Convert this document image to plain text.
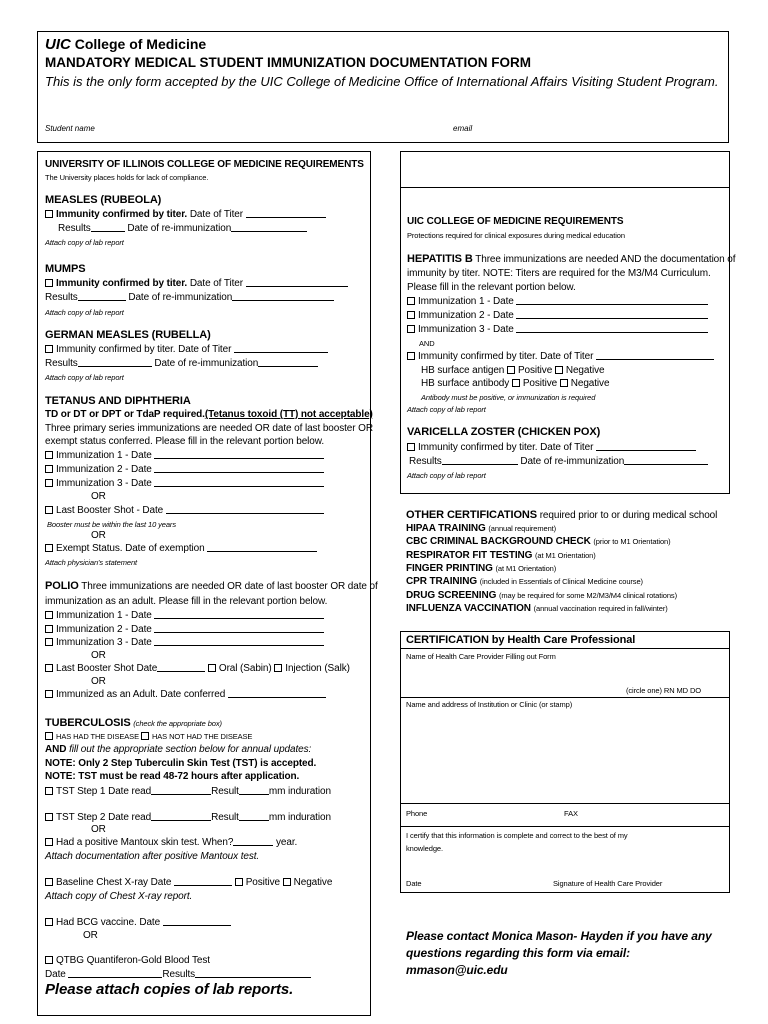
UIC College of Medicine
MANDATORY MEDICAL STUDENT IMMUNIZATION DOCUMENTATION FORM
This is the only form accepted by the UIC College of Medicine Office of International Affairs Visiting Student Program.
Student name	email
UNIVERSITY OF ILLINOIS COLLEGE OF MEDICINE REQUIREMENTS
The University places holds for lack of compliance.
MEASLES (RUBEOLA)
Immunity confirmed by titer. Date of Titer
Results	Date of re-immunization
Attach copy of lab report
MUMPS
Immunity confirmed by titer. Date of Titer
Results	Date of re-immunization
Attach copy of lab report
GERMAN MEASLES (RUBELLA)
Immunity confirmed by titer. Date of Titer
Results	Date of re-immunization
Attach copy of lab report
TETANUS AND DIPHTHERIA
TD or DT or DPT or TdaP required.(Tetanus toxoid (TT) not acceptable)
Three primary series immunizations are needed OR date of last booster OR
exempt status conferred. Please fill in the relevant portion below.
Immunization 1 - Date
Immunization 2 - Date
Immunization 3 - Date
OR
Last Booster Shot - Date
Booster must be within the last 10 years
OR
Exempt Status. Date of exemption
Attach physician's statement
POLIO Three immunizations are needed OR date of last booster OR date of
immunization as an adult. Please fill in the relevant portion below.
Immunization 1 - Date
Immunization 2 - Date
Immunization 3 - Date
OR
Last Booster Shot Date	Oral (Sabin) Injection (Salk)
OR
Immunized as an Adult. Date conferred
TUBERCULOSIS (check the appropriate box)
HAS HAD THE DISEASE HAS NOT HAD THE DISEASE
AND fill out the appropriate section below for annual updates:
NOTE: Only 2 Step Tuberculin Skin Test (TST) is accepted.
NOTE: TST must be read 48-72 hours after application.
TST Step 1 Date read	Result	mm induration
TST Step 2 Date read	Result	mm induration
OR
Had a positive Mantoux skin test. When?	year.
Attach documentation after positive Mantoux test.
Baseline Chest X-ray Date	Positive Negative
Attach copy of Chest X-ray report.
Had BCG vaccine. Date
OR
QTBG Quantiferon-Gold Blood Test
Date	Results
Please attach copies of lab reports.
UIC COLLEGE OF MEDICINE REQUIREMENTS
Protections required for clinical exposures during medical education
HEPATITIS B Three immunizations are needed AND the documentation of
immunity by titer. NOTE: Titers are required for the M3/M4 Curriculum.
Please fill in the relevant portion below.
Immunization 1 - Date
Immunization 2 - Date
Immunization 3 - Date
AND
Immunity confirmed by titer. Date of Titer
HB surface antigen Positive Negative
HB surface antibody Positive Negative
Antibody must be positive, or immunization is required
Attach copy of lab report
VARICELLA ZOSTER (CHICKEN POX)
Immunity confirmed by titer. Date of Titer
Results	Date of re-immunization
Attach copy of lab report
OTHER CERTIFICATIONS required prior to or during medical school
HIPAA TRAINING (annual requirement)
CBC CRIMINAL BACKGROUND CHECK (prior to M1 Orientation)
RESPIRATOR FIT TESTING (at M1 Orientation)
FINGER PRINTING (at M1 Orientation)
CPR TRAINING (included in Essentials of Clinical Medicine course)
DRUG SCREENING (may be required for some M2/M3/M4 clinical rotations)
INFLUENZA VACCINATION (annual vaccination required in fall/winter)
CERTIFICATION by Health Care Professional
Name of Health Care Provider Filling out Form
(circle one) RN MD DO
Name and address of Institution or Clinic (or stamp)
Phone	FAX
I certify that this information is complete and correct to the best of my
knowledge.
Date	Signature of Health Care Provider
Please contact Monica Mason- Hayden if you have any questions regarding this form via email: mmason@uic.edu
